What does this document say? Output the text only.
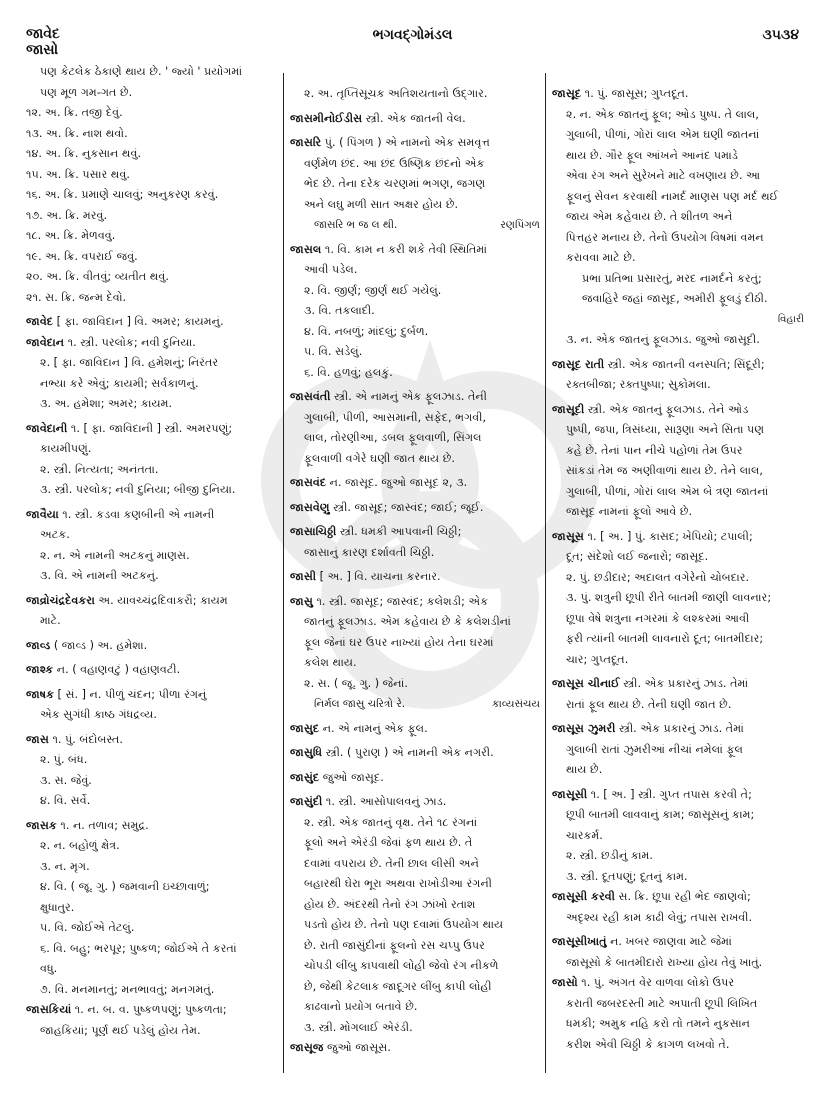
જાવેદ
જાસો
ભગવદ્ગોમંડલ	૩૫૩૪
પણ કેટલેક ઠેકાણે થાય છે. ' જ્યો ' પ્રયોગમાં
પણ મૂળ ગમ-ગત છે.
૧૨. અ. ક્રિ. તજી દેવું.
૧૩. અ. ક્રિ. નાશ થવો.
૧૪. અ. ક્રિ. નુકસાન થવું.
૧૫. અ. ક્રિ. પસાર થવું.
૧૬. અ. ક્રિ. પ્રમાણે ચાલવું; અનુકરણ કરવું.
૧૭. અ. ક્રિ. મરવું.
૧૮. અ. ક્રિ. મેળવવું.
૧૯. અ. ક્રિ. વપરાઈ જવું.
૨૦. અ. ક્રિ. વીતવું; વ્યતીત થવું.
૨૧. સ. ક્રિ. જન્મ દેવો.
જાવેદ [ ફા. જાવિદાન ] વિ. અમર; કાયમનું.
જાવેદાન ૧. સ્ત્રી. પરલોક; નવી દુનિયા.
૨. [ ફા. જાવિદાન ] વિ. હમેશનું; નિરંતર
નભ્યા કરે એવું; કાયમી; સર્વકાળનું.
૩. અ. હમેશા; અમર; કાયમ.
જાવેદાની ૧. [ ફા. જાવિદાની ] સ્ત્રી. અમરપણું;
કાયમીપણું.
૨. સ્ત્રી. નિત્યતા; અનંતતા.
૩. સ્ત્રી. પરલોક; નવી દુનિયા; બીજી દુનિયા.
જાવૈયા ૧. સ્ત્રી. કડવા કણબીની એ નામની
અટક.
૨. ન. એ નામની અટકનું માણસ.
૩. વિ. એ નામની અટકનું.
જાવ્રોચંદ્રદેવકરા અ. યાવચ્ચંદ્રદિવાકરૌ; કાયમ
માટે.
જાવ્ડ ( જાવ્ડ ) અ. હમેશા.
જાશ્ક ન. ( વહાણવટું ) વહાણવટી.
જાષક [ સં. ] ન. પીળું ચંદન; પીળા રંગનું
એક સુગંધી કાષ્ઠ ગંધદ્રવ્ય.
જાસ ૧. પું. બંદોબસ્ત.
૨. પું. બંધ.
૩. સ. જેવું.
૪. વિ. સર્વે.
જાસક ૧. ન. તળાવ; સમુદ્ર.
૨. ન. બહોળું ક્ષેત્ર.
૩. ન. મૃગ.
૪. વિ. ( જૂ. ગુ. ) જમવાની ઇચ્છાવાળું;
ક્ષુધાતુર.
૫. વિ. જોઈએ તેટલું.
૬. વિ. બહુ; ભરપૂર; પુષ્કળ; જોઈએ તે કરતાં
વધુ.
૭. વિ. મનમાનતું; મનભાવતું; મનગમતું.
જાસકિયાં ૧. ન. બ. વ. પુષ્કળપણું; પુષ્કળતા;
જાહકિયાં; પૂર્ણ થઈ પડેલું હોય તેમ.
૨. અ. તૃપ્તિસૂચક અતિશયતાનો ઉદ્ગાર.
જાસમીનોઈડીસ સ્ત્રી. એક જાતની વેલ.
જાસરિ પું. ( પિંગળ ) એ નામનો એક સમવૃત્ત
વર્ણમેળ છંદ. આ છંદ ઉષ્ણિક છંદનો એક
ભેદ છે. તેના દરેક ચરણમાં ભગણ, જગણ
અને લઘુ મળી સાત અક્ષર હોય છે.
જાસરિ ભ જ લ થી.	રણપિંગળ
જાસલ ૧. વિ. કામ ન કરી શકે તેવી સ્થિતિમાં
આવી પડેલ.
૨. વિ. જીર્ણ; જીર્ણ થઈ ગયેલું.
૩. વિ. તકલાદી.
૪. વિ. નબળું; માંદલું; દુર્બળ.
૫. વિ. સડેલું.
૬. વિ. હળવું; હલકું.
જાસવંતી સ્ત્રી. એ નામનું એક ફૂલઝાડ. તેની
ગુલાબી, પીળી, આસમાની, સફેદ, ભગવી,
લાલ, તોરણીઆ, ડબલ ફૂલવાળી, સિંગલ
ફૂલવાળી વગેરે ઘણી જાત થાય છે.
જાસવંદ ન. જાસૂદ. જુઓ જાસૂદ ૨, ૩.
જાસવેણુ સ્ત્રી. જાસૂદ; જાસ્વંદ; જાઈ; જૂઈ.
જાસાચિઠ્ઠી સ્ત્રી. ધમકી આપવાની ચિઠ્ઠી;
જાસાનું કારણ દર્શાવતી ચિઠ્ઠી.
જાસી [ અ. ] વિ. યાચના કરનાર.
જાસુ ૧. સ્ત્રી. જાસૂદ; જાસ્વંદ; કલેશડી; એક
જાતનું ફૂલઝાડ. એમ કહેવાય છે કે કલેશડીનાં
ફૂલ જેનાં ઘર ઉપર નાખ્યાં હોય તેના ઘરમાં
કલેશ થાય.
૨. સ. ( જૂ. ગુ. ) જેનાં.
નિર્મલ જાસુ ચરિત્રો રે.	કાવ્યસંચય
જાસુદ ન. એ નામનું એક ફૂલ.
જાસુધિ સ્ત્રી. ( પુરાણ ) એ નામની એક નગરી.
જાસુંદ જુઓ જાસૂદ.
જાસુંદી ૧. સ્ત્રી. આસોપાલવનું ઝાડ.
૨. સ્ત્રી. એક જાતનું વૃક્ષ. તેને ૧૮ રંગનાં
ફૂલો અને એરંડી જેવાં ફળ થાય છે. તે
દવામાં વપરાય છે. તેની છાલ લીસી અને
બહારથી ઘેરા ભૂરા અથવા રાખોડીઆ રંગની
હોય છે. અંદરથી તેનો રંગ ઝાંખો રતાશ
પડતો હોય છે. તેનો પણ દવામાં ઉપયોગ થાય
છે. રાતી જાસુંદીનાં ફૂલનો રસ ચપ્પુ ઉપર
ચોપડી લીંબુ કાપવાથી લોહી જેવો રંગ નીકળે
છે, જેથી કેટલાક જાદૂગર લીંબુ કાપી લોહી
કાઢવાનો પ્રયોગ બતાવે છે.
૩. સ્ત્રી. મોગલાઈ એરંડી.
જાસૂજ જુઓ જાસૂસ.
જાસૂદ ૧. પું. જાસૂસ; ગુપ્તદૂત.
૨. ન. એક જાતનું ફૂલ; ઓડ પુષ્પ. તે લાલ,
ગુલાબી, પીળાં, ગોરાં લાલ એમ ઘણી જાતનાં
થાય છે. ગૌર ફૂલ આંખને આનંદ પમાડે
એવા રંગ અને સુરેખને માટે વખણાય છે. આ
ફૂલનું સેવન કરવાથી નામર્દ માણસ પણ મર્દ થઈ
જાય એમ કહેવાય છે. તે શીતળ અને
પિત્તહર મનાય છે. તેનો ઉપયોગ વિષમાં વમન
કરાવવા માટે છે.
પ્રભા પ્રતિભા પ્રસારતું, મરદ નામર્દને કરતું;
જવાહિરે જહાં જાસૂદ, અમીરી ફૂલડું દીઠી.
વિહારી
૩. ન. એક જાતનું ફૂલઝાડ. જુઓ જાસૂદી.
જાસૂદ રાતી સ્ત્રી. એક જાતની વનસ્પતિ; સિંદૂરી;
રક્તબીજા; રક્તપુષ્પા; સુકોમલા.
જાસૂદી સ્ત્રી. એક જાતનું ફૂલઝાડ. તેને ઓડ
પુષ્પી, જપા, ત્રિસંધ્યા, સારૂણા અને સિતા પણ
કહે છે. તેનાં પાન નીચે પહોળાં તેમ ઉપર
સાંકડાં તેમ જ અણીવાળાં થાય છે. તેને લાલ,
ગુલાબી, પીળાં, ગોરાં લાલ એમ બે ત્રણ જાતનાં
જાસૂદ નામનાં ફૂલો આવે છે.
જાસૂસ ૧. [ અ. ] પું. કાસદ; ખેપિયો; ટપાલી;
દૂત; સંદેશો લઈ જનારો; જાસૂદ.
૨. પું. છડીદાર; અદાલત વગેરેનો ચોબદાર.
૩. પું. શત્રુની છૂપી રીતે બાતમી જાણી લાવનાર;
છૂપા વેષે શત્રુના નગરમાં કે લશ્કરમાં આવી
ફરી ત્યાંની બાતમી લાવનારો દૂત; બાતમીદાર;
ચાર; ગુપ્તદૂત.
જાસૂસ ચીનાઈ સ્ત્રી. એક પ્રકારનું ઝાડ. તેમાં
રાતાં ફૂલ થાય છે. તેની ઘણી જાત છે.
જાસૂસ ઝુમરી સ્ત્રી. એક પ્રકારનું ઝાડ. તેમાં
ગુલાબી રાતાં ઝુમરીઆં નીચાં નમેલાં ફૂલ
થાય છે.
જાસૂસી ૧. [ અ. ] સ્ત્રી. ગુપ્ત તપાસ કરવી તે;
છૂપી બાતમી લાવવાનું કામ; જાસૂસનું કામ;
ચારકર્મ.
૨. સ્ત્રી. છડીનું કામ.
૩. સ્ત્રી. દૂતપણું; દૂતનું કામ.
જાસૂસી કરવી સ. ક્રિ. છૂપા રહી ભેદ જાણવો;
અદૃશ્ય રહી કામ કાઢી લેવું; તપાસ રાખવી.
જાસૂસીખાતું ન. ખબર જાણવા માટે જેમાં
જાસૂસો કે બાતમીદારો રાખ્યા હોય તેવું ખાતું.
જાસો ૧. પું. અંગત વેર વાળવા લોકો ઉપર
કરાતી જબરદસ્તી માટે અપાતી છૂપી લિખિત
ધમકી; અમુક નહિ કરો તો તમને નુકસાન
કરીશ એવી ચિઠ્ઠી કે કાગળ લખવો તે.
